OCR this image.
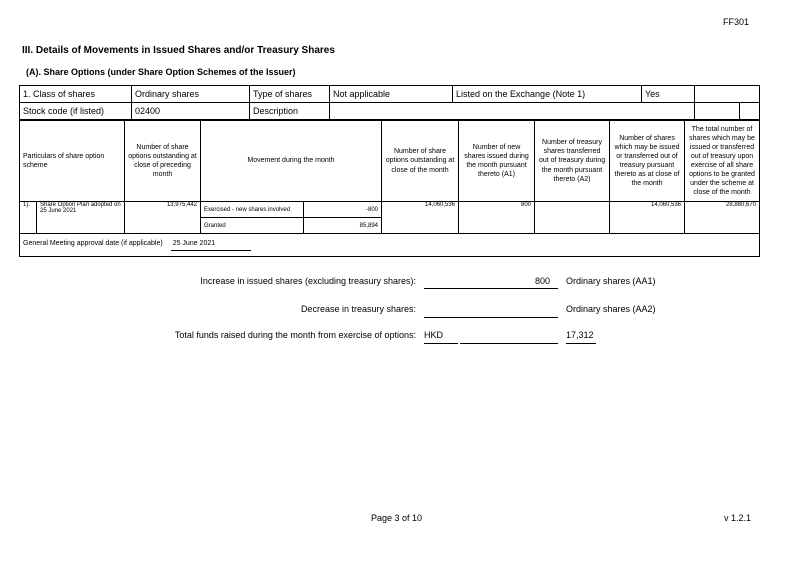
FF301
III. Details of Movements in Issued Shares and/or Treasury Shares
(A). Share Options (under Share Option Schemes of the Issuer)
1. Class of shares	Ordinary shares	Type of shares	Not applicable	Listed on the Exchange (Note 1)	Yes	
Stock code (if listed)	02400	Description				
Particulars of share option scheme		Number of share options outstanding at close of preceding month	Movement during the month		Number of share options outstanding at close of the month	Number of new shares issued during the month pursuant thereto (A1)	Number of treasury shares transferred out of treasury during the month pursuant thereto (A2)	Number of shares which may be issued or transferred out of treasury pursuant thereto as at close of the month	The total number of shares which may be issued or transferred out of treasury upon exercise of all share options to be granted under the scheme at close of the month
1).	Share Option Plan adopted on 25 June 2021	13,975,442	Exercised - new shares involved	-800	14,060,536	800		14,060,536	28,880,670
			Granted	85,894					
General Meeting approval date (if applicable) 25 June 2021									
Increase in issued shares (excluding treasury shares):	800	Ordinary shares (AA1)
Decrease in treasury shares:	Ordinary shares (AA2)
Total funds raised during the month from exercise of options: HKD	17,312
Page 3 of 10	v 1.2.1
